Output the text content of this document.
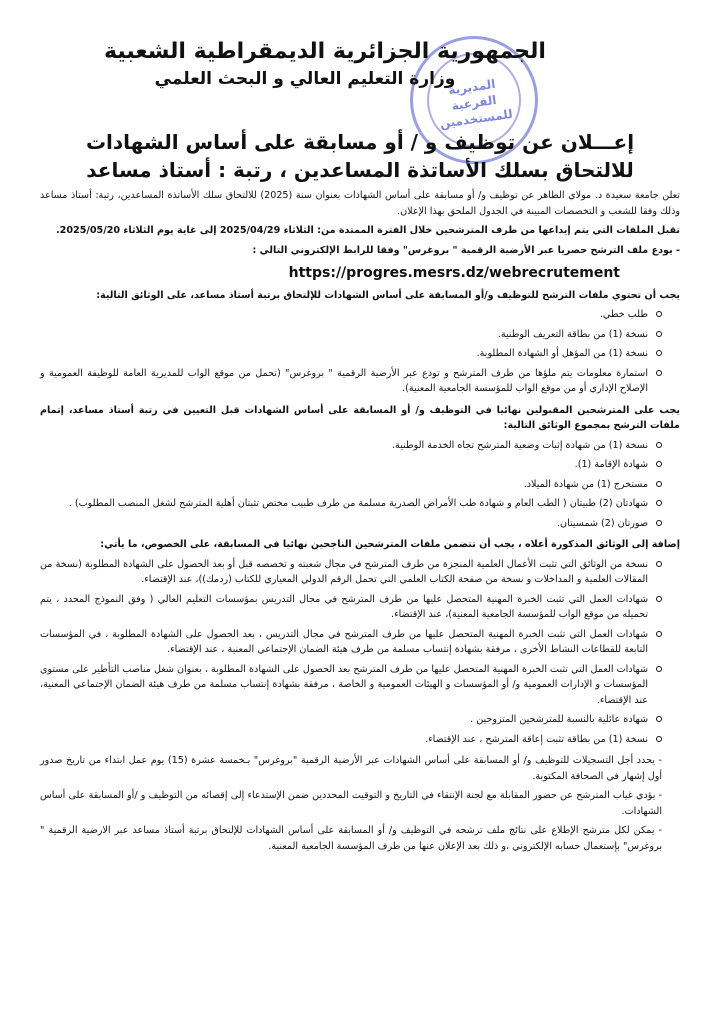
المديرية
الفرعية للمستخدمين

الجمهورية الجزائرية الديمقراطية الشعبية

وزارة التعليم العالي و البحث العلمي

إعـــلان عن توظيف و / أو مسابقة على أساس الشهادات

للالتحاق بسلك الأساتذة المساعدين ، رتبة : أستاذ مساعد

تعلن جامعة سعيدة د. مولاي الطاهر عن توظيف و/ أو مسابقة على أساس الشهادات بعنوان سنة (2025) للالتحاق سلك الأساتذة المساعدين، رتبة: أستاذ مساعد وذلك وفقا للشعب و التخصصات المبينة في الجدول الملحق بهذا الإعلان.

تقبل الملفات التي يتم إيداعها من طرف المترشحين خلال الفترة الممتدة من: الثلاثاء 2025/04/29 إلى غاية يوم الثلاثاء 2025/05/20.

- يودع ملف الترشح حصريا عبر الأرضية الرقمية " بروغرس" وفقا للرابط الإلكتروني التالي :

https://progres.mesrs.dz/webrecrutement

يجب أن تحتوي ملفات الترشح للتوظيف و/أو المسابقة على أساس الشهادات للإلتحاق برتبة أستاذ مساعد، على الوثائق التالية:

طلب خطي.
نسخة (1) من بطاقة التعريف الوطنية.
نسخة (1) من المؤهل أو الشهادة المطلوبة.
استمارة معلومات يتم ملؤها من طرف المترشح و تودع عبر الأرضية الرقمية " بروغرس" (تحمل من موقع الواب للمديرية العامة للوظيفة العمومية و الإصلاح الإداري أو من موقع الواب للمؤسسة الجامعية المعنية).

يجب على المترشحين المقبولين نهائيا في التوظيف و/ أو المسابقة على أساس الشهادات قبل التعيين في رتبة أستاذ مساعد، إتمام ملفات الترشح بمجموع الوثائق التالية:

نسخة (1) من شهادة إثبات وضعية المترشح تجاه الخدمة الوطنية.
شهادة الإقامة (1).
مستخرج (1) من شهادة الميلاد.
شهادتان (2) طبيتان ( الطب العام و شهادة طب الأمراض الصدرية مسلمة من طرف طبيب مختص تثبتان أهلية المترشح لشغل المنصب المطلوب) .
صورتان (2) شمسيتان.

إضافة إلى الوثائق المذكورة أعلاه ، يجب أن تتضمن ملفات المترشحين الناجحين نهائيا في المسابقة، على الخصوص، ما يأتي:

نسخة من الوثائق التي تثبت الأعمال العلمية المنجزة من طرف المترشح في مجال شعبته و تخصصه قبل أو بعد الحصول على الشهادة المطلوبة (نسخة من المقالات العلمية و المداخلات و نسخة من صفحة الكتاب العلمي التي تحمل الرقم الدولي المعياري للكتاب (ردمك))، عند الإقتضاء.
شهادات العمل التي تثبت الخبرة المهنية المتحصل عليها من طرف المترشح في مجال التدريس بمؤسسات التعليم العالي ( وفق النموذج المحدد ، يتم تحميله من موقع الواب للمؤسسة الجامعية المعنية)، عند الإقتضاء.
شهادات العمل التي تثبت الخبرة المهنية المتحصل عليها من طرف المترشح في مجال التدريس ، بعد الحصول على الشهادة المطلوبة ، في المؤسسات التابعة للقطاعات النشاط الأخرى ، مرفقة بشهادة إنتساب مسلمة من طرف هيئة الضمان الإجتماعي المعنية ، عند الإقتضاء.
شهادات العمل التي تثبت الخبرة المهنية المتحصل عليها من طرف المترشح بعد الحصول على الشهادة المطلوبة ، بعنوان شغل مناصب التأطير على مستوى المؤسسات و الإدارات العمومية و/ أو المؤسسات و الهيئات العمومية و الخاصة ، مرفقة بشهادة إنتساب مسلمة من طرف هيئة الضمان الإجتماعي المعنية، عند الإقتضاء.
شهادة عائلية بالنسبة للمترشحين المتزوجين .
نسخة (1) من بطاقة تثبت إعاقة المترشح ، عند الإقتضاء.

- يحدد أجل التسجيلات للتوظيف و/ أو المسابقة على أساس الشهادات عبر الأرضية الرقمية "بروغرس" بـخمسة عشرة (15) يوم عمل ابتداء من تاريخ صدور أول إشهار في الصحافة المكتوبة.

- يؤدي غياب المترشح عن حضور المقابلة مع لجنة الإنتقاء في التاريخ و التوقيت المحددين ضمن الإستدعاء إلى إقصائه من التوظيف و /أو المسابقة على أساس الشهادات.

- يمكن لكل مترشح الإطلاع على نتائج ملف ترشحه في التوظيف و/ أو المسابقة على أساس الشهادات للإلتحاق برتبة أستاذ مساعد عبر الارضية الرقمية " بروغرس" بإستعمال حسابه الإلكتروني ،و ذلك بعد الإعلان عنها من طرف المؤسسة الجامعية المعنية.
